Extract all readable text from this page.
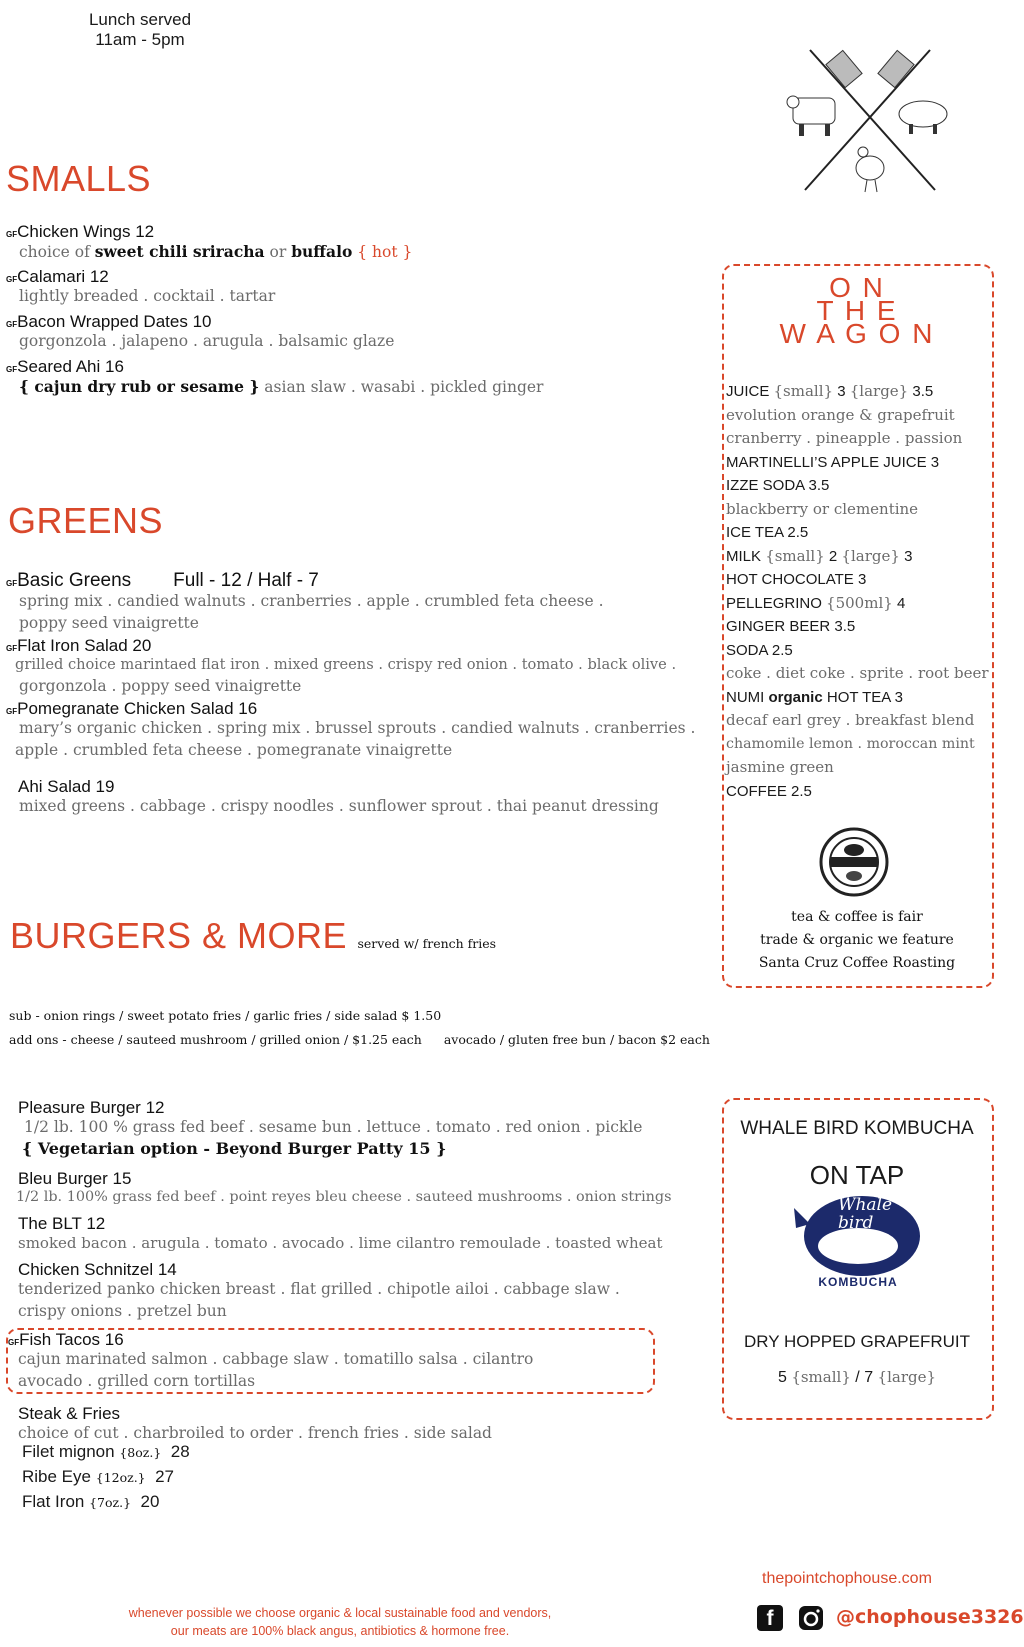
Lunch served
11am - 5pm
SMALLS
GFChicken Wings 12
choice of sweet chili sriracha or buffalo { hot }
GFCalamari 12
lightly breaded . cocktail . tartar
GFBacon Wrapped Dates 10
gorgonzola . jalapeno . arugula . balsamic glaze
GFSeared Ahi 16
{ cajun dry rub or sesame } asian slaw . wasabi . pickled ginger
GREENS
GFBasic Greens Full - 12 / Half - 7
spring mix . candied walnuts . cranberries . apple . crumbled feta cheese .
poppy seed vinaigrette
GFFlat Iron Salad 20
grilled choice marintaed flat iron . mixed greens . crispy red onion . tomato . black olive .
gorgonzola . poppy seed vinaigrette
GFPomegranate Chicken Salad 16
mary’s organic chicken . spring mix . brussel sprouts . candied walnuts . cranberries .
apple . crumbled feta cheese . pomegranate vinaigrette
Ahi Salad 19
mixed greens . cabbage . crispy noodles . sunflower sprout . thai peanut dressing
BURGERS & MORE served w/ french fries
sub - onion rings / sweet potato fries / garlic fries / side salad $ 1.50
add ons - cheese / sauteed mushroom / grilled onion / $1.25 each avocado / gluten free bun / bacon $2 each
Pleasure Burger 12
1/2 lb. 100 % grass fed beef . sesame bun . lettuce . tomato . red onion . pickle
{ Vegetarian option - Beyond Burger Patty 15 }
Bleu Burger 15
1/2 lb. 100% grass fed beef . point reyes bleu cheese . sauteed mushrooms . onion strings
The BLT 12
smoked bacon . arugula . tomato . avocado . lime cilantro remoulade . toasted wheat
Chicken Schnitzel 14
tenderized panko chicken breast . flat grilled . chipotle ailoi . cabbage slaw .
crispy onions . pretzel bun
GFFish Tacos 16
cajun marinated salmon . cabbage slaw . tomatillo salsa . cilantro
avocado . grilled corn tortillas
Steak & Fries
choice of cut . charbroiled to order . french fries . side salad
Filet mignon {8oz.} 28
Ribe Eye {12oz.} 27
Flat Iron {7oz.} 20
O N
T H E
W A G O N
JUICE {small} 3 {large} 3.5
evolution orange & grapefruit
cranberry . pineapple . passion
MARTINELLI’S APPLE JUICE 3
IZZE SODA 3.5
blackberry or clementine
ICE TEA 2.5
MILK {small} 2 {large} 3
HOT CHOCOLATE 3
PELLEGRINO {500ml} 4
GINGER BEER 3.5
SODA 2.5
coke . diet coke . sprite . root beer
NUMI organic HOT TEA 3
decaf earl grey . breakfast blend
chamomile lemon . moroccan mint
jasmine green
COFFEE 2.5
tea & coffee is fair
trade & organic we feature
Santa Cruz Coffee Roasting
WHALE BIRD KOMBUCHA
ON TAP
Whale bird
KOMBUCHA
DRY HOPPED GRAPEFRUIT
5 {small} / 7 {large}
thepointchophouse.com
whenever possible we choose organic & local sustainable food and vendors,
our meats are 100% black angus, antibiotics & hormone free.
f	@chophouse3326
